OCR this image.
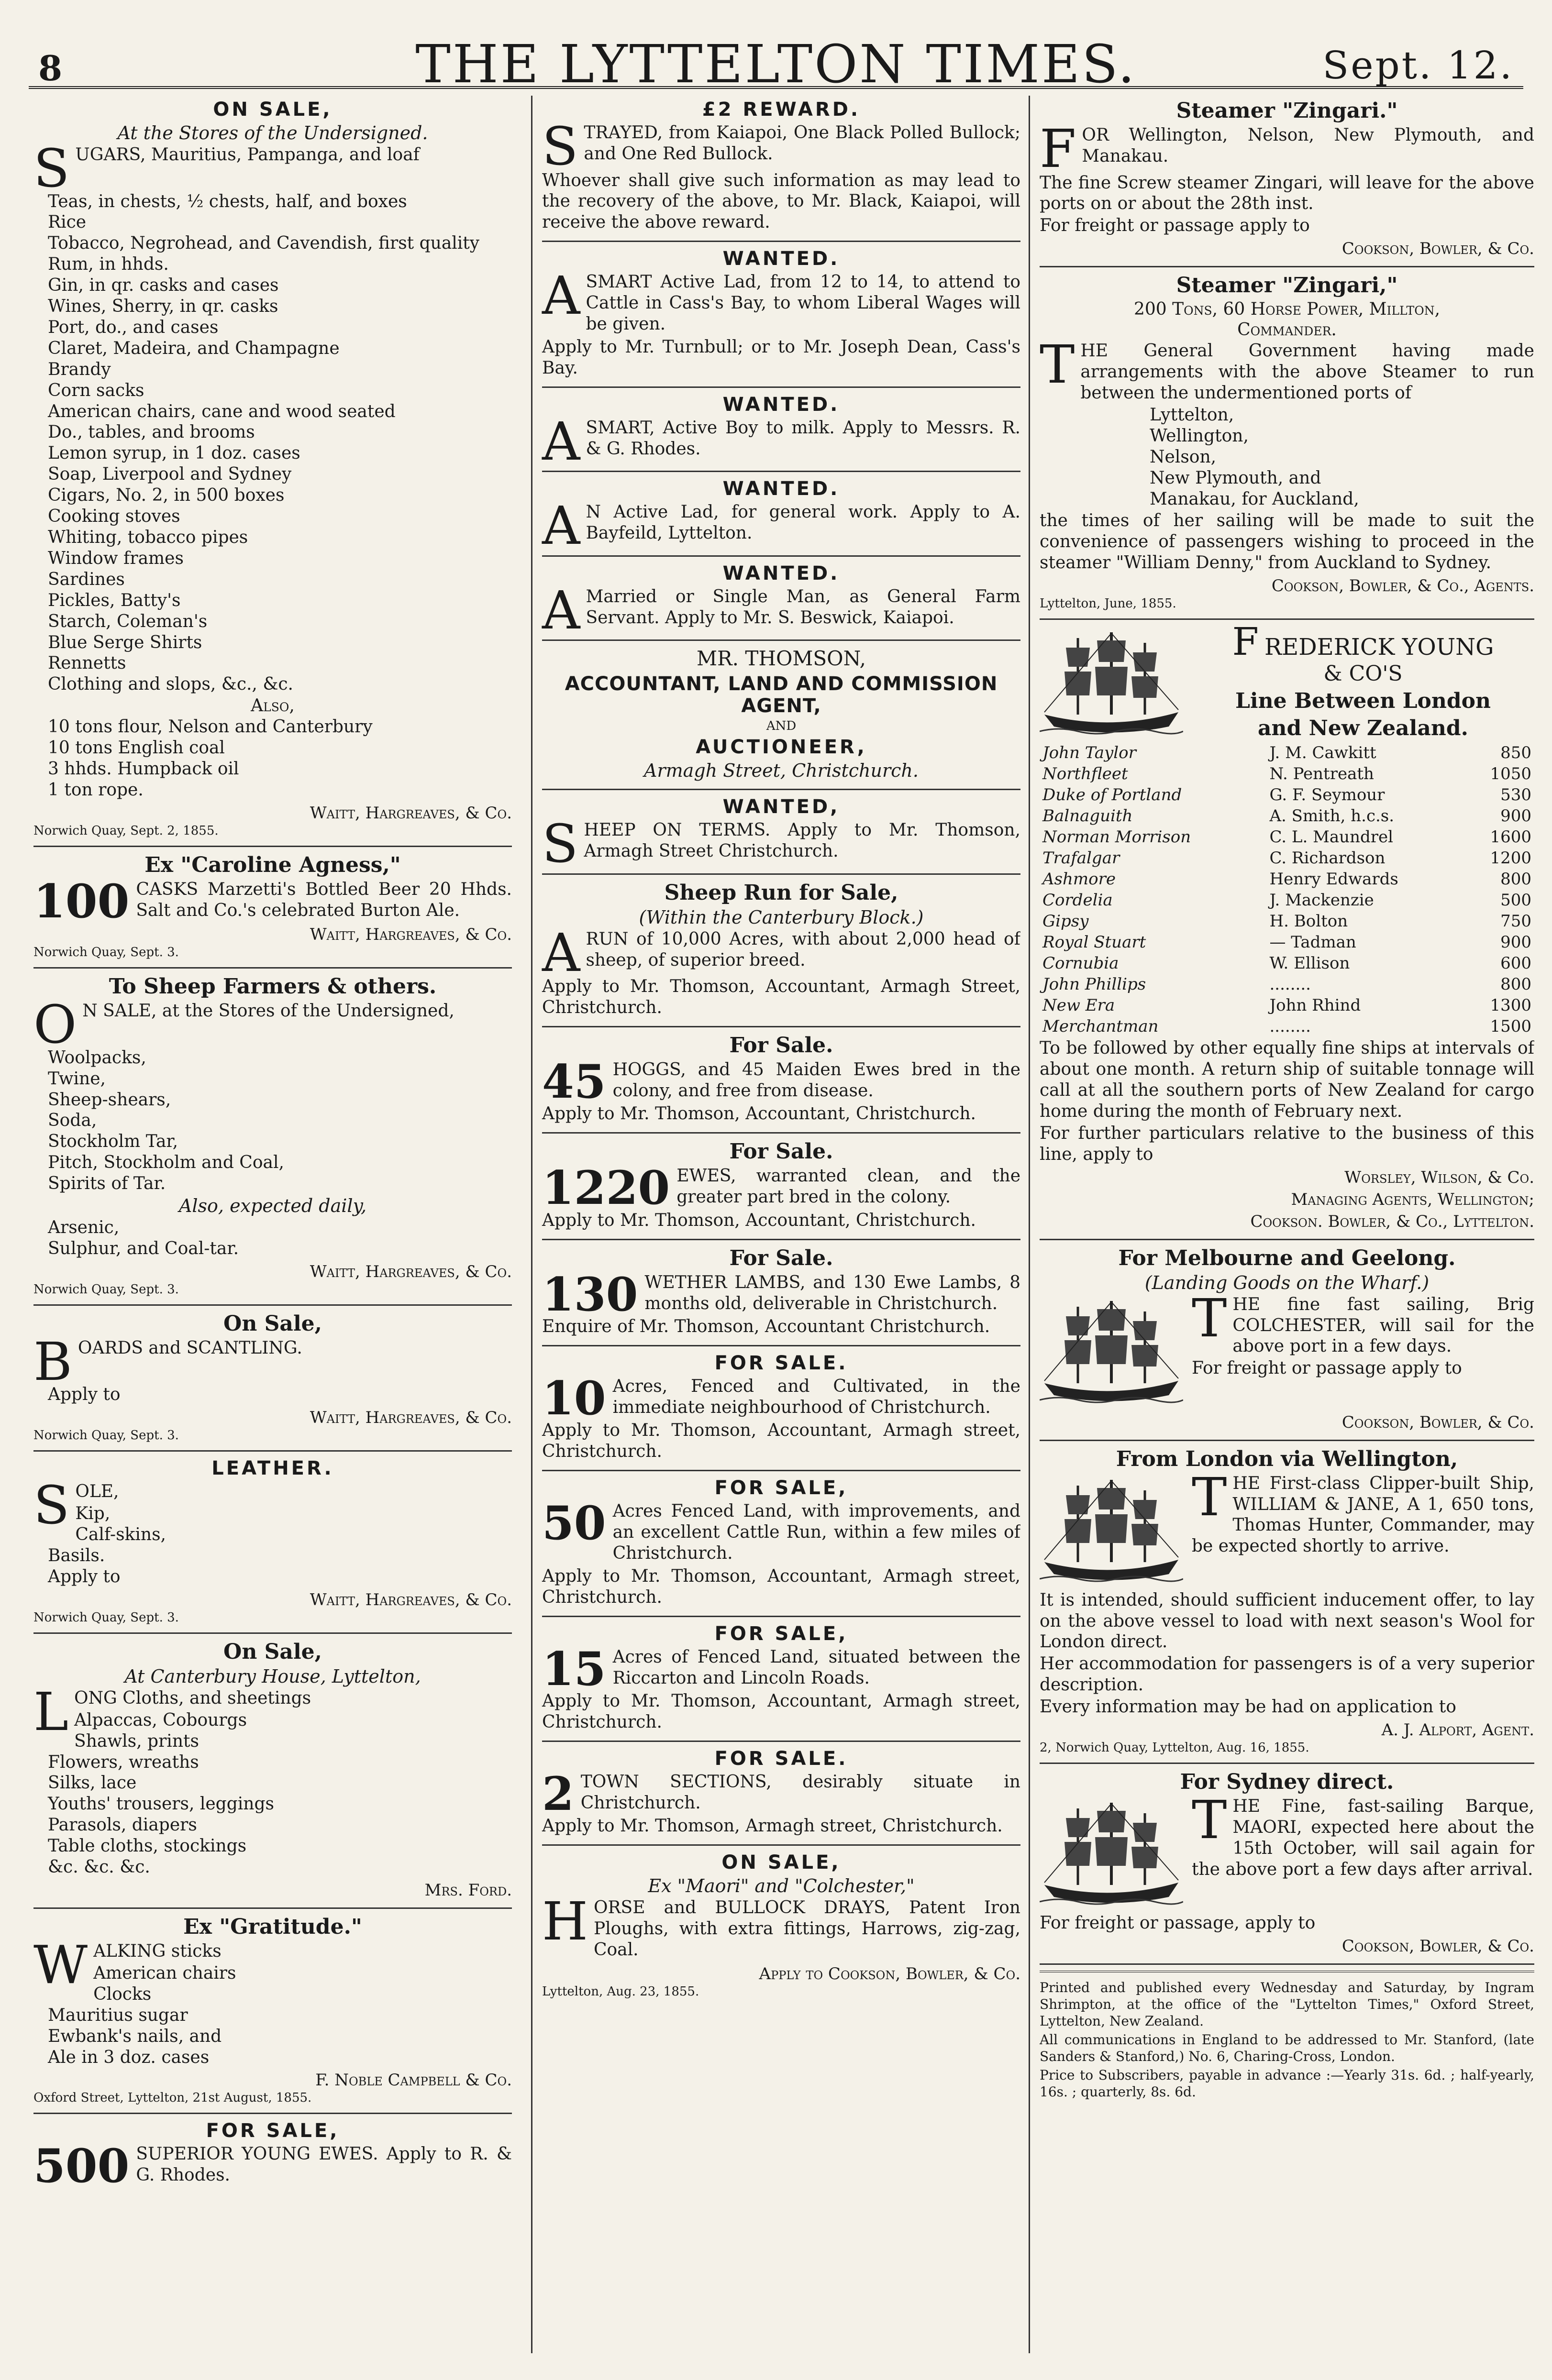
8	THE LYTTELTON TIMES.	Sept. 12.
ON SALE,
At the Stores of the Undersigned.

SUGARS, Mauritius, Pampanga, and loaf

Teas, in chests, ½ chests, half, and boxes
Rice
Tobacco, Negrohead, and Cavendish, first quality
Rum, in hhds.
Gin, in qr. casks and cases
Wines, Sherry, in qr. casks
Port, do., and cases
Claret, Madeira, and Champagne
Brandy
Corn sacks
American chairs, cane and wood seated
Do., tables, and brooms
Lemon syrup, in 1 doz. cases
Soap, Liverpool and Sydney
Cigars, No. 2, in 500 boxes
Cooking stoves
Whiting, tobacco pipes
Window frames
Sardines
Pickles, Batty's
Starch, Coleman's
Blue Serge Shirts
Rennetts
Clothing and slops, &c., &c.
Also,
10 tons flour, Nelson and Canterbury
10 tons English coal
3 hhds. Humpback oil
1 ton rope.
Waitt, Hargreaves, & Co.
Norwich Quay, Sept. 2, 1855.
Ex "Caroline Agness,"

100 CASKS Marzetti's Bottled Beer 20 Hhds. Salt and Co.'s celebrated Burton Ale.

Waitt, Hargreaves, & Co.
Norwich Quay, Sept. 3.
To Sheep Farmers & others.

O N SALE, at the Stores of the Undersigned,

Woolpacks,
Twine,
Sheep-shears,
Soda,
Stockholm Tar,
Pitch, Stockholm and Coal,
Spirits of Tar.
Also, expected daily,
Arsenic,
Sulphur, and Coal-tar.
Waitt, Hargreaves, & Co.
Norwich Quay, Sept. 3.
On Sale,

BOARDS and SCANTLING.

Apply to
Waitt, Hargreaves, & Co.
Norwich Quay, Sept. 3.
LEATHER.

SOLE,

Kip,
Calf-skins,
Basils.
Apply to
Waitt, Hargreaves, & Co.
Norwich Quay, Sept. 3.
On Sale,
At Canterbury House, Lyttelton,

LONG Cloths, and sheetings

Alpaccas, Cobourgs
Shawls, prints
Flowers, wreaths
Silks, lace
Youths' trousers, leggings
Parasols, diapers
Table cloths, stockings
&c. &c. &c.
Mrs. Ford.
Ex "Gratitude."

WALKING sticks

American chairs
Clocks
Mauritius sugar
Ewbank's nails, and
Ale in 3 doz. cases
F. Noble Campbell & Co.
Oxford Street, Lyttelton, 21st August, 1855.
FOR SALE,

500 SUPERIOR YOUNG EWES. Apply to R. & G. Rhodes.

£2 REWARD.

STRAYED, from Kaiapoi, One Black Polled Bullock; and One Red Bullock.

Whoever shall give such information as may lead to the recovery of the above, to Mr. Black, Kaiapoi, will receive the above reward.

WANTED.

ASMART Active Lad, from 12 to 14, to attend to Cattle in Cass's Bay, to whom Liberal Wages will be given.

Apply to Mr. Turnbull; or to Mr. Joseph Dean, Cass's Bay.

WANTED.

ASMART, Active Boy to milk. Apply to Messrs. R. & G. Rhodes.

WANTED.

A N Active Lad, for general work. Apply to A. Bayfeild, Lyttelton.

WANTED.

A Married or Single Man, as General Farm Servant. Apply to Mr. S. Beswick, Kaiapoi.

MR. THOMSON,
ACCOUNTANT, LAND AND COMMISSION AGENT,
AND
AUCTIONEER,
Armagh Street, Christchurch.
WANTED,

SHEEP ON TERMS. Apply to Mr. Thomson, Armagh Street Christchurch.

Sheep Run for Sale,
(Within the Canterbury Block.)

ARUN of 10,000 Acres, with about 2,000 head of sheep, of superior breed.

Apply to Mr. Thomson, Accountant, Armagh Street, Christchurch.

For Sale.

45 HOGGS, and 45 Maiden Ewes bred in the colony, and free from disease.

Apply to Mr. Thomson, Accountant, Christchurch.

For Sale.

1220 EWES, warranted clean, and the greater part bred in the colony.

Apply to Mr. Thomson, Accountant, Christchurch.

For Sale.

130 WETHER LAMBS, and 130 Ewe Lambs, 8 months old, deliverable in Christchurch.

Enquire of Mr. Thomson, Accountant Christchurch.

FOR SALE.

10 Acres, Fenced and Cultivated, in the immediate neighbourhood of Christchurch.

Apply to Mr. Thomson, Accountant, Armagh street, Christchurch.

FOR SALE,

50 Acres Fenced Land, with improvements, and an excellent Cattle Run, within a few miles of Christchurch.

Apply to Mr. Thomson, Accountant, Armagh street, Christchurch.

FOR SALE,

15 Acres of Fenced Land, situated between the Riccarton and Lincoln Roads.

Apply to Mr. Thomson, Accountant, Armagh street, Christchurch.

FOR SALE.

2 TOWN SECTIONS, desirably situate in Christchurch.

Apply to Mr. Thomson, Armagh street, Christchurch.

ON SALE,
Ex "Maori" and "Colchester,"

HORSE and BULLOCK DRAYS, Patent Iron Ploughs, with extra fittings, Harrows, zig-zag, Coal.

Apply to Cookson, Bowler, & Co.
Lyttelton, Aug. 23, 1855.
Steamer "Zingari."

FOR Wellington, Nelson, New Plymouth, and Manakau.

The fine Screw steamer Zingari, will leave for the above ports on or about the 28th inst.

For freight or passage apply to

Cookson, Bowler, & Co.
Steamer "Zingari,"
200 Tons, 60 Horse Power, Millton,
Commander.

THE General Government having made arrangements with the above Steamer to run between the undermentioned ports of

Lyttelton,
Wellington,
Nelson,
New Plymouth, and
Manakau, for Auckland,

the times of her sailing will be made to suit the convenience of passengers wishing to proceed in the steamer "William Denny," from Auckland to Sydney.

Cookson, Bowler, & Co., Agents.
Lyttelton, June, 1855.
FREDERICK YOUNG
& CO'S
Line Between London
and New Zealand.
John Taylor	J. M. Cawkitt	850
Northfleet	N. Pentreath	1050
Duke of Portland	G. F. Seymour	530
Balnaguith	A. Smith, h.c.s.	900
Norman Morrison	C. L. Maundrel	1600
Trafalgar	C. Richardson	1200
Ashmore	Henry Edwards	800
Cordelia	J. Mackenzie	500
Gipsy	H. Bolton	750
Royal Stuart	— Tadman	900
Cornubia	W. Ellison	600
John Phillips	........	800
New Era	John Rhind	1300
Merchantman	........	1500

To be followed by other equally fine ships at intervals of about one month. A return ship of suitable tonnage will call at all the southern ports of New Zealand for cargo home during the month of February next.

For further particulars relative to the business of this line, apply to

Worsley, Wilson, & Co.
Managing Agents, Wellington;
Cookson. Bowler, & Co., Lyttelton.
For Melbourne and Geelong.
(Landing Goods on the Wharf.)

THE fine fast sailing, Brig COLCHESTER, will sail for the above port in a few days.

For freight or passage apply to

Cookson, Bowler, & Co.
From London via Wellington,

THE First-class Clipper-built Ship, WILLIAM & JANE, A 1, 650 tons, Thomas Hunter, Commander, may be expected shortly to arrive.

It is intended, should sufficient inducement offer, to lay on the above vessel to load with next season's Wool for London direct.

Her accommodation for passengers is of a very superior description.

Every information may be had on application to

A. J. Alport, Agent.
2, Norwich Quay, Lyttelton, Aug. 16, 1855.
For Sydney direct.

THE Fine, fast-sailing Barque, MAORI, expected here about the 15th October, will sail again for the above port a few days after arrival.

For freight or passage, apply to

Cookson, Bowler, & Co.
Printed and published every Wednesday and Saturday, by Ingram Shrimpton, at the office of the "Lyttelton Times," Oxford Street, Lyttelton, New Zealand.
All communications in England to be addressed to Mr. Stanford, (late Sanders & Stanford,) No. 6, Charing-Cross, London.
Price to Subscribers, payable in advance :—Yearly 31s. 6d. ; half-yearly, 16s. ; quarterly, 8s. 6d.
